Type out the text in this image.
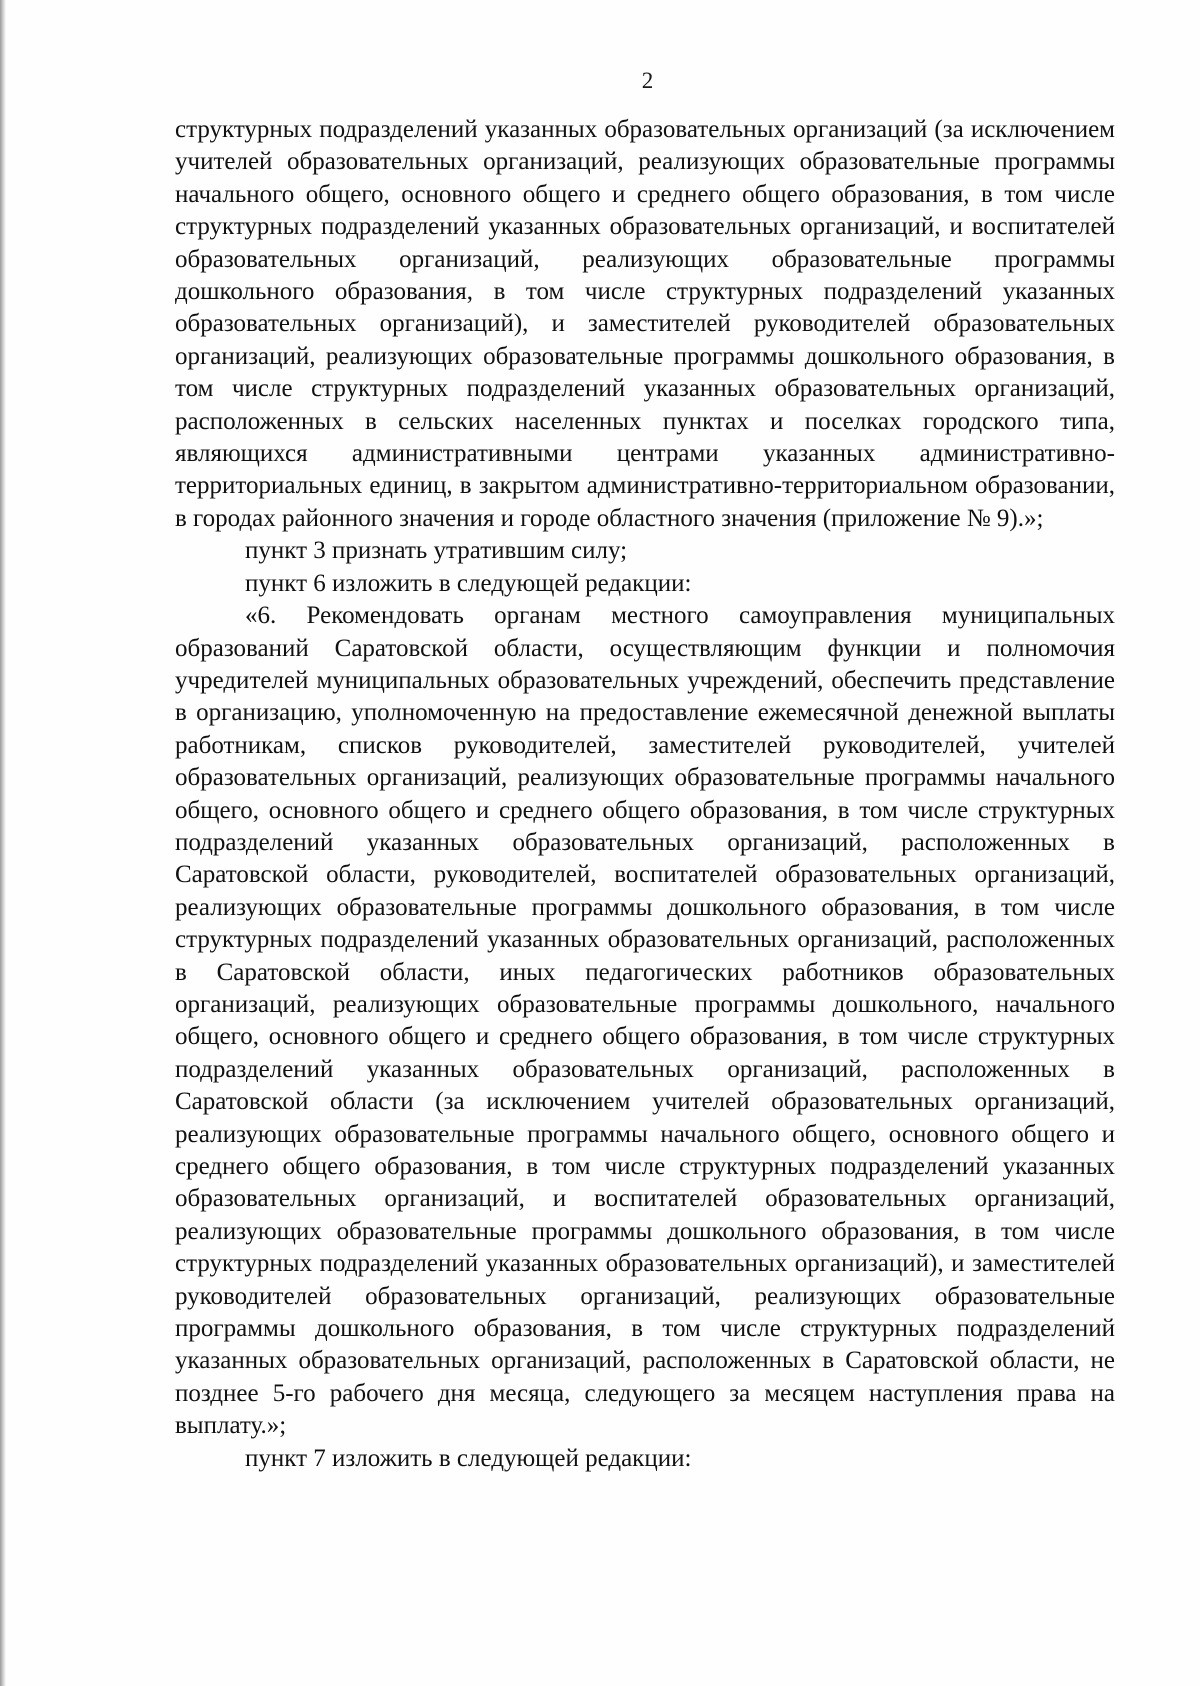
2

структурных подразделений указанных образовательных организаций (за исключением учителей образовательных организаций, реализующих образовательные программы начального общего, основного общего и среднего общего образования, в том числе структурных подразделений указанных образовательных организаций, и воспитателей образовательных организаций, реализующих образовательные программы дошкольного образования, в том числе структурных подразделений указанных образовательных организаций), и заместителей руководителей образовательных организаций, реализующих образовательные программы дошкольного образования, в том числе структурных подразделений указанных образовательных организаций, расположенных в сельских населенных пунктах и поселках городского типа, являющихся административными центрами указанных административно-территориальных единиц, в закрытом административно-территориальном образовании, в городах районного значения и городе областного значения (приложение № 9).»;

пункт 3 признать утратившим силу;

пункт 6 изложить в следующей редакции:

«6. Рекомендовать органам местного самоуправления муниципальных образований Саратовской области, осуществляющим функции и полномочия учредителей муниципальных образовательных учреждений, обеспечить представление в организацию, уполномоченную на предоставление ежемесячной денежной выплаты работникам, списков руководителей, заместителей руководителей, учителей образовательных организаций, реализующих образовательные программы начального общего, основного общего и среднего общего образования, в том числе структурных подразделений указанных образовательных организаций, расположенных в Саратовской области, руководителей, воспитателей образовательных организаций, реализующих образовательные программы дошкольного образования, в том числе структурных подразделений указанных образовательных организаций, расположенных в Саратовской области, иных педагогических работников образовательных организаций, реализующих образовательные программы дошкольного, начального общего, основного общего и среднего общего образования, в том числе структурных подразделений указанных образовательных организаций, расположенных в Саратовской области (за исключением учителей образовательных организаций, реализующих образовательные программы начального общего, основного общего и среднего общего образования, в том числе структурных подразделений указанных образовательных организаций, и воспитателей образовательных организаций, реализующих образовательные программы дошкольного образования, в том числе структурных подразделений указанных образовательных организаций), и заместителей руководителей образовательных организаций, реализующих образовательные программы дошкольного образования, в том числе структурных подразделений указанных образовательных организаций, расположенных в Саратовской области, не позднее 5-го рабочего дня месяца, следующего за месяцем наступления права на выплату.»;

пункт 7 изложить в следующей редакции:
